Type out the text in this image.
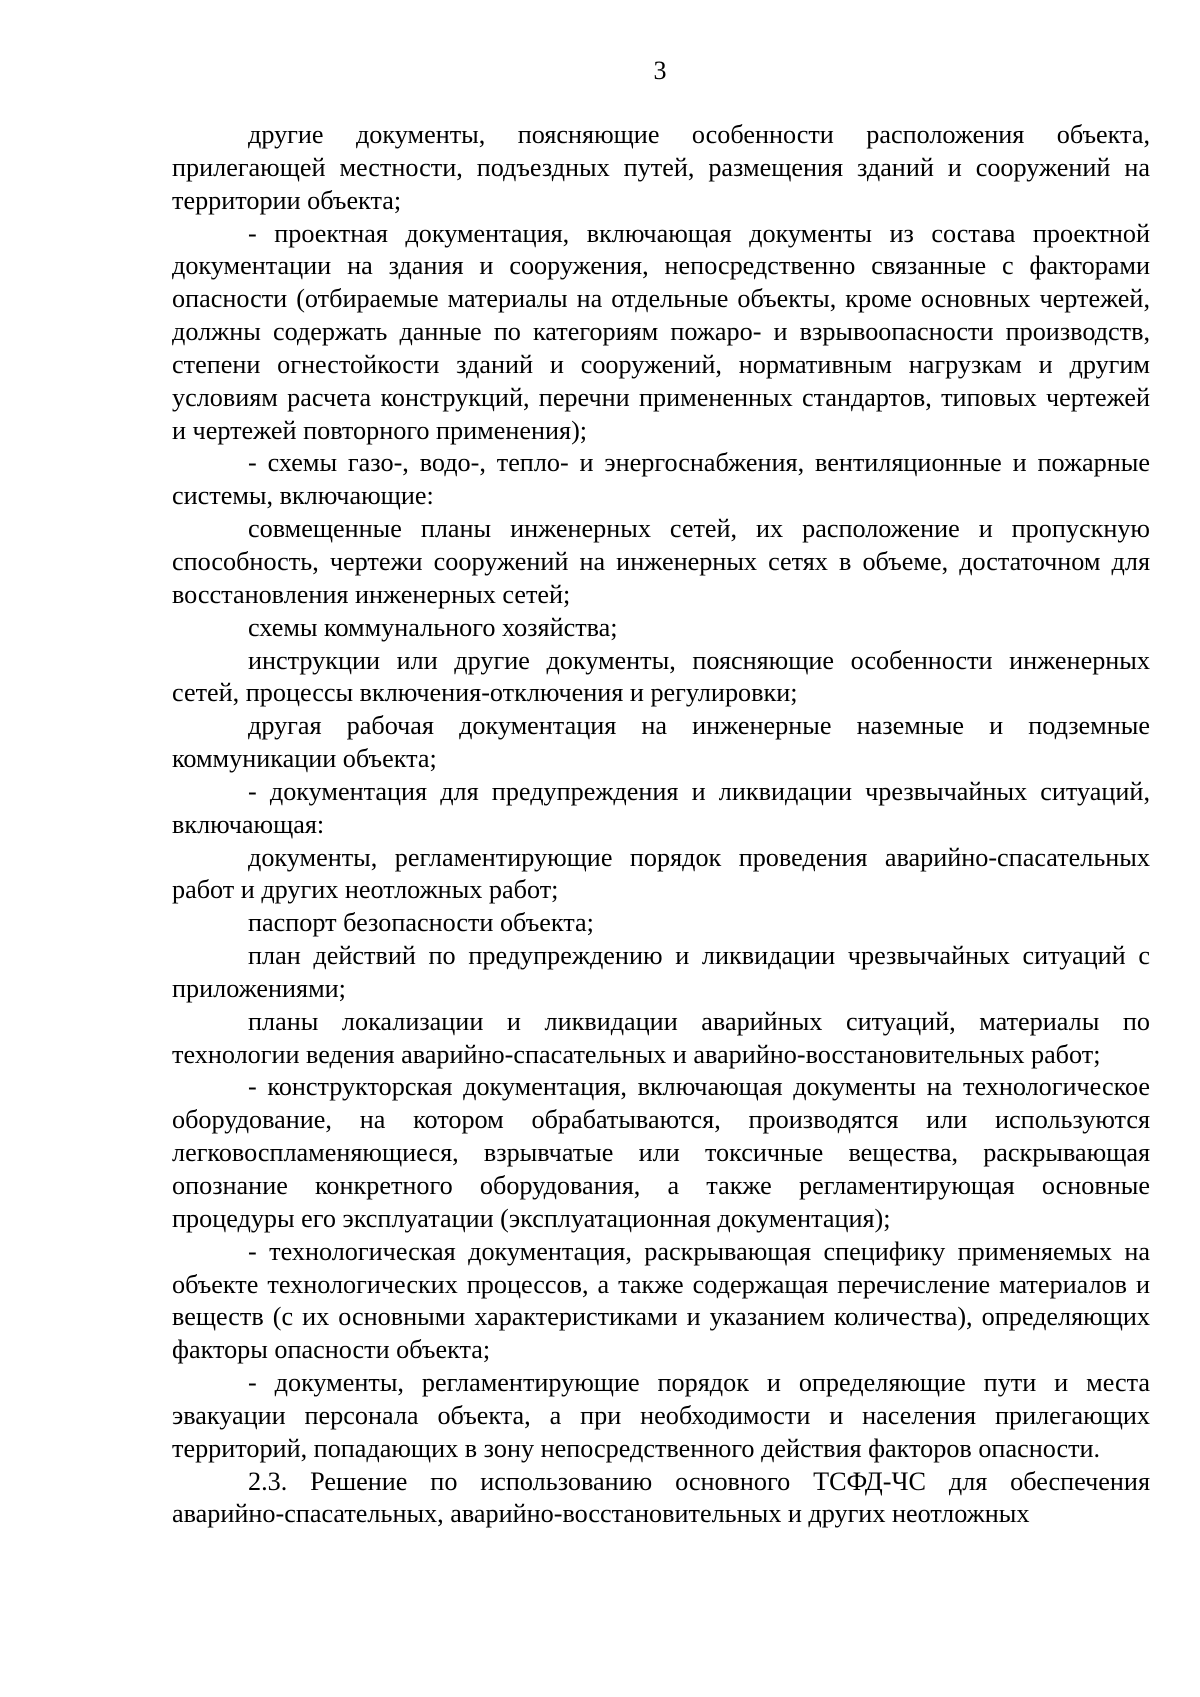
3

другие документы, поясняющие особенности расположения объекта, прилегающей местности, подъездных путей, размещения зданий и сооружений на территории объекта;

- проектная документация, включающая документы из состава проектной документации на здания и сооружения, непосредственно связанные с факторами опасности (отбираемые материалы на отдельные объекты, кроме основных чертежей, должны содержать данные по категориям пожаро- и взрывоопасности производств, степени огнестойкости зданий и сооружений, нормативным нагрузкам и другим условиям расчета конструкций, перечни примененных стандартов, типовых чертежей и чертежей повторного применения);

- схемы газо-, водо-, тепло- и энергоснабжения, вентиляционные и пожарные системы, включающие:

совмещенные планы инженерных сетей, их расположение и пропускную способность, чертежи сооружений на инженерных сетях в объеме, достаточном для восстановления инженерных сетей;

схемы коммунального хозяйства;

инструкции или другие документы, поясняющие особенности инженерных сетей, процессы включения-отключения и регулировки;

другая рабочая документация на инженерные наземные и подземные коммуникации объекта;

- документация для предупреждения и ликвидации чрезвычайных ситуаций, включающая:

документы, регламентирующие порядок проведения аварийно-спасательных работ и других неотложных работ;

паспорт безопасности объекта;

план действий по предупреждению и ликвидации чрезвычайных ситуаций с приложениями;

планы локализации и ликвидации аварийных ситуаций, материалы по технологии ведения аварийно-спасательных и аварийно-восстановительных работ;

- конструкторская документация, включающая документы на технологическое оборудование, на котором обрабатываются, производятся или используются легковоспламеняющиеся, взрывчатые или токсичные вещества, раскрывающая опознание конкретного оборудования, а также регламентирующая основные процедуры его эксплуатации (эксплуатационная документация);

- технологическая документация, раскрывающая специфику применяемых на объекте технологических процессов, а также содержащая перечисление материалов и веществ (с их основными характеристиками и указанием количества), определяющих факторы опасности объекта;

- документы, регламентирующие порядок и определяющие пути и места эвакуации персонала объекта, а при необходимости и населения прилегающих территорий, попадающих в зону непосредственного действия факторов опасности.

2.3. Решение по использованию основного ТСФД-ЧС для обеспечения аварийно-спасательных, аварийно-восстановительных и других неотложных
